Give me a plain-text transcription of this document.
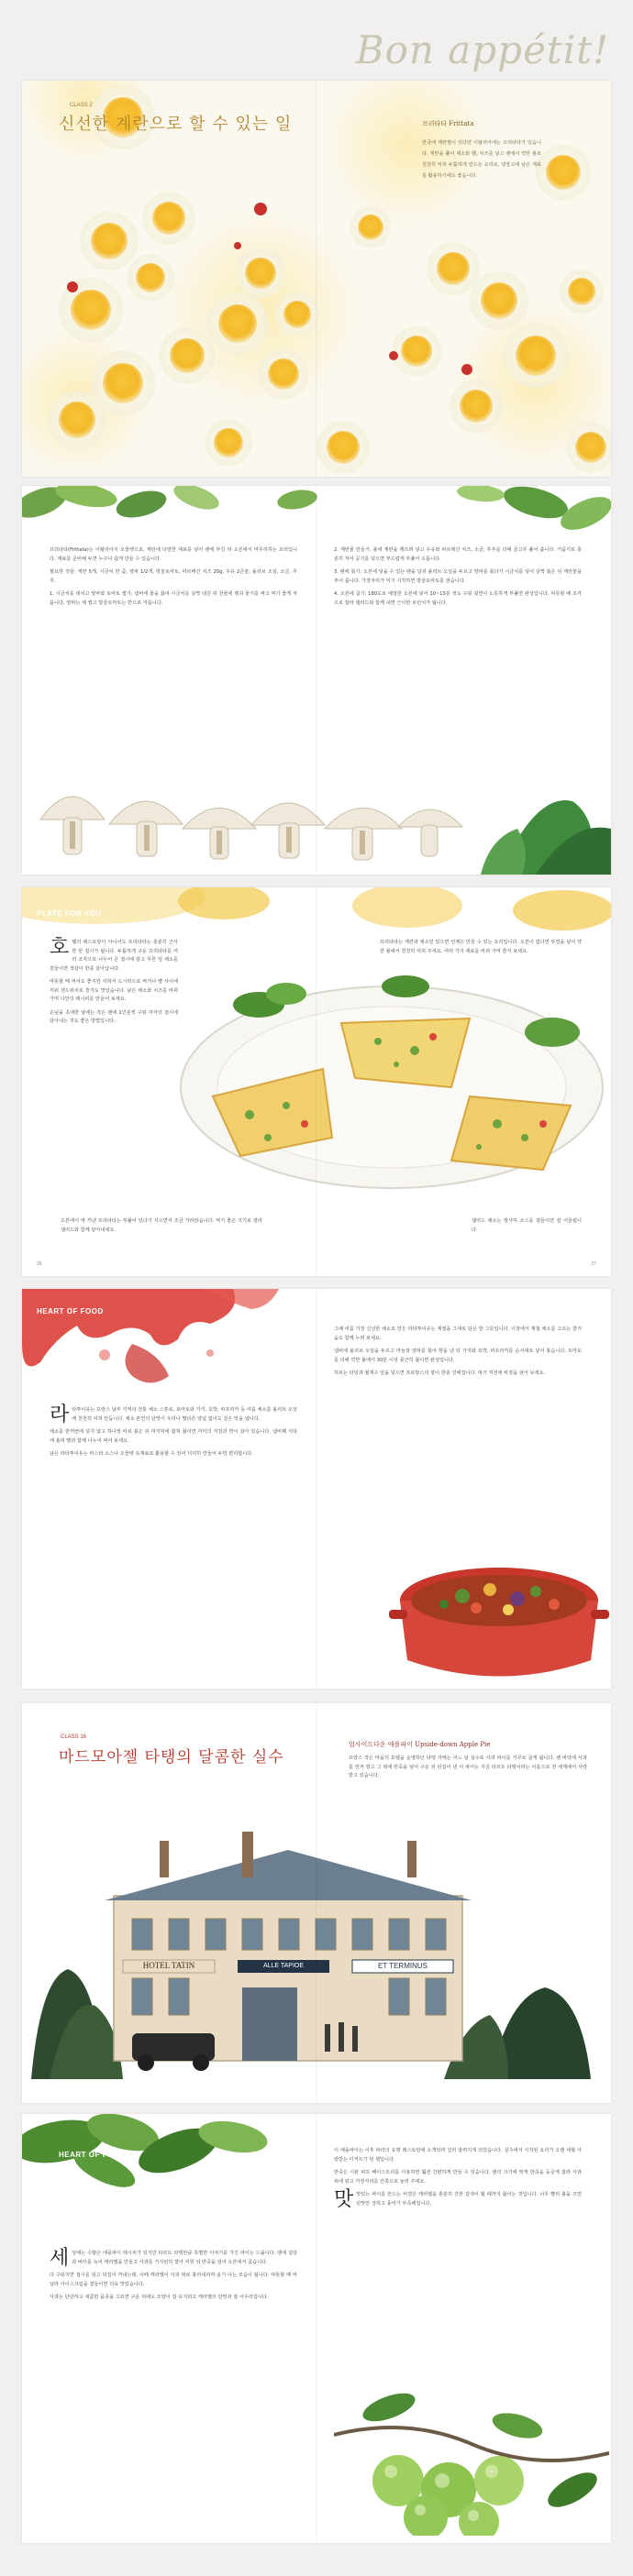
Bon appétit!
CLASS 2
신선한 계란으로 할 수 있는 일	프리타타 Frittata

한국에 계란찜이 있다면 이탈리아에는 프리타타가 있습니다. 계란을 풀어 채소와 햵, 치즈를 넣고 팬에서 약한 불로 천천히 익혀 두툼하게 만드는 요리로, 냉장고에 남은 재료를 활용하기에도 좋습니다.

IN THE KITCHEN

프리타타(Frittata)는 이탈리아식 오믈렛으로, 계란에 다양한 재료를 넣어 팬에 부친 뒤 오븐에서 마무리하는 요리입니다. 재료를 준비해 두면 누구나 쉽게 만들 수 있습니다.

필요한 것들: 계란 5개, 시금치 한 줌, 양파 1/2개, 방울토마토, 파르메산 치즈 20g, 우유 2큰술, 올리브 오일, 소금, 후추.

1. 시금치를 데치고 양파와 토마토 썰기: 냄비에 물을 끓여 시금치를 살짝 데친 뒤 찬물에 헹궈 물기를 짜고 먹기 좋게 자릅니다. 양파는 채 썰고 방울토마토는 반으로 자릅니다.

2. 계란물 만들기: 볼에 계란을 깨뜨려 넣고 우유와 파르메산 치즈, 소금, 후추를 더해 골고루 풀어 줍니다. 거품기로 충분히 저어 공기를 넣으면 부드럽게 부풀어 오릅니다.

3. 팬에 볶기: 오븐에 넣을 수 있는 팬을 달궈 올리브 오일을 두르고 양파를 볶다가 시금치를 넣어 살짝 볶은 뒤 계란물을 부어 줍니다. 가장자리가 익기 시작하면 방울토마토를 얹습니다.

4. 오븐에 굽기: 180도로 예열한 오븐에 넣어 10~15분 정도 구워 윗면이 노릇하게 부풀면 완성입니다. 따뜻할 때 조각으로 잘라 샐러드와 함께 내면 근사한 브런치가 됩니다.

PLATE FOR YOU

호텔의 레스토랑이 아니어도 프리타타는 충분히 근사한 한 접시가 됩니다. 두툼하게 구운 프리타타를 여러 조각으로 나누어 큰 접시에 담고 푸른 잎 채소를 곁들이면 색감이 한층 살아납니다.

따뜻할 때 먹어도 좋지만 식혀서 도시락으로 싸거나 빵 사이에 끼워 샌드위치로 즐겨도 맛있습니다. 남은 채소와 치즈를 바꿔 가며 나만의 레시피를 만들어 보세요.

손님을 초대한 날에는 작은 팬에 1인분씩 구워 각자의 접시에 담아내는 것도 좋은 방법입니다.

프리타타는 계란과 채소만 있으면 언제든 만들 수 있는 요리입니다. 오븐이 없다면 뚜껑을 덮어 약한 불에서 천천히 익혀 주세요. 여러 가지 재료를 바꿔 가며 즐겨 보세요.

오븐에서 막 꺼낸 프리타타는 부풀어 있다가 식으면서 조금 가라앉습니다. 먹기 좋은 크기로 잘라 샐러드와 함께 담아내세요.

샐러드 채소는 발사믹 소스를 곁들이면 잘 어울립니다.

26	27
HEART OF FOOD

라타투이유는 프랑스 남부 지역의 전통 채소 스튜로, 토마토와 가지, 호박, 파프리카 등 여름 채소를 올리브 오일에 천천히 익혀 만듭니다. 채소 본연의 단맛이 우러나 별다른 양념 없이도 깊은 맛을 냅니다.

채소를 한꺼번에 넣지 않고 하나씩 따로 볶은 뒤 마지막에 합쳐 끓이면 각각의 식감과 맛이 살아 있습니다. 냄비째 식탁에 올려 빵과 함께 나누어 먹어 보세요.

남은 라타투이유는 파스타 소스나 오믈렛 속재료로 활용할 수 있어 넉넉히 만들어 두면 편리합니다.

그해 여름 가장 신선한 채소로 만든 라타투이유는 계절을 그대로 담은 한 그릇입니다. 시장에서 제철 채소를 고르는 즐거움도 함께 누려 보세요.

냄비에 올리브 오일을 두르고 마늘과 양파를 볶아 향을 낸 뒤 가지와 호박, 파프리카를 순서대로 넣어 볶습니다. 토마토를 더해 약한 불에서 30분 이상 뭉근히 끓이면 완성입니다.

허브는 타임과 월계수 잎을 넣으면 프로방스의 향이 한층 진해집니다. 먹기 직전에 바질을 얹어 보세요.

CLASS 16
마드모아젤 타탱의 달콤한 실수
업사이드다운 애플파이 Upside-down Apple Pie

프랑스 작은 마을의 호텔을 운영하던 타탱 자매는 어느 날 실수로 사과 파이를 거꾸로 굽게 됩니다. 팬 바닥에 사과를 먼저 깔고 그 위에 반죽을 덮어 구운 뒤 뒤집어 낸 이 파이는 지금 타르트 타탱이라는 이름으로 전 세계에서 사랑받고 있습니다.

HOTEL TATIN	ALLE TAPIOE	ET TERMINUS
HEART OF FOOD

세상에는 수많은 애플파이 레시피가 있지만 타르트 타탱만큼 특별한 이야기를 가진 파이는 드뭅니다. 팬에 설탕과 버터를 녹여 캐러멜을 만들고 사과를 가지런히 깔아 익힌 뒤 반죽을 덮어 오븐에서 굽습니다.

다 구워지면 접시를 덮고 뒤집어 꺼내는데, 이때 캐러멜이 사과 위로 흘러내리며 윤기 나는 모습이 됩니다. 따뜻할 때 바닐라 아이스크림을 곁들이면 더욱 맛있습니다.

사과는 단단하고 새콤한 품종을 고르면 구운 뒤에도 모양이 잘 유지되고 캐러멜의 단맛과 잘 어우러집니다.

이 애플파이는 이후 파리의 유명 레스토랑에 소개되며 널리 알려지게 되었습니다. 실수에서 시작된 요리가 오랜 세월 사랑받는 디저트가 된 셈입니다.

반죽은 시판 퍼프 페이스트리를 사용하면 훨씬 간편하게 만들 수 있습니다. 팬의 크기에 맞게 반죽을 둥글게 잘라 사과 위에 덮고 가장자리를 안쪽으로 눌러 주세요.

맛맛있는 파이를 만드는 비결은 캐러멜을 충분히 진한 갈색이 될 때까지 끓이는 것입니다. 너무 빨리 불을 끄면 단맛만 강하고 풍미가 부족해집니다.
